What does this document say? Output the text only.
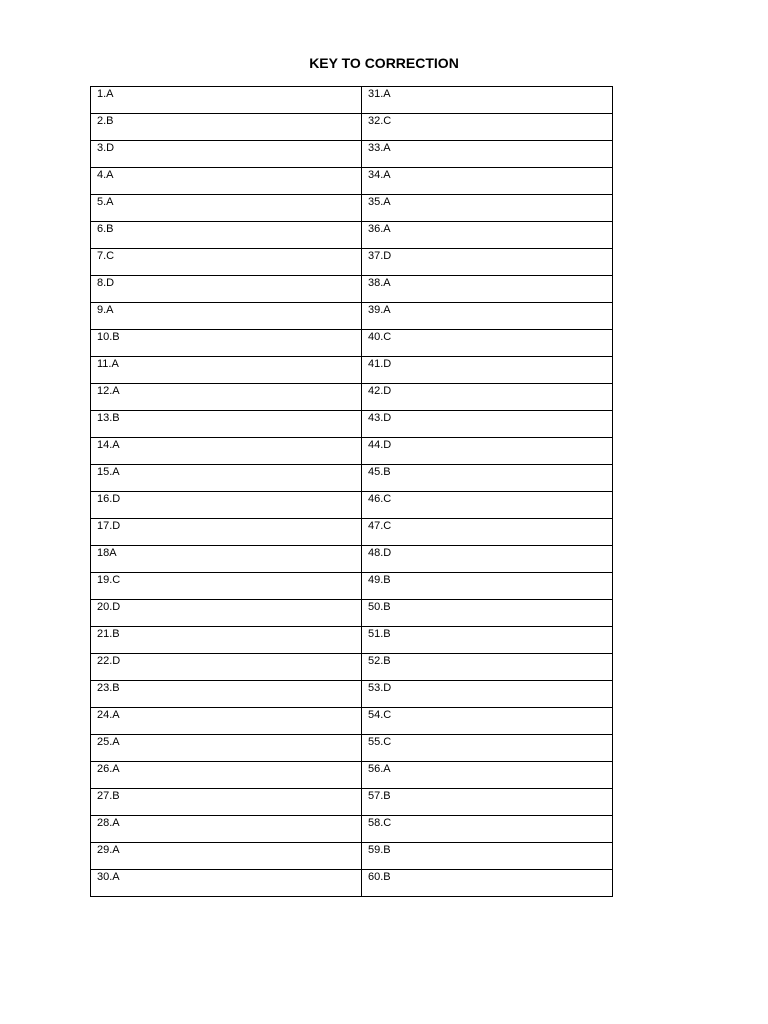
KEY TO CORRECTION
1.A	31.A
2.B	32.C
3.D	33.A
4.A	34.A
5.A	35.A
6.B	36.A
7.C	37.D
8.D	38.A
9.A	39.A
10.B	40.C
11.A	41.D
12.A	42.D
13.B	43.D
14.A	44.D
15.A	45.B
16.D	46.C
17.D	47.C
18A	48.D
19.C	49.B
20.D	50.B
21.B	51.B
22.D	52.B
23.B	53.D
24.A	54.C
25.A	55.C
26.A	56.A
27.B	57.B
28.A	58.C
29.A	59.B
30.A	60.B
